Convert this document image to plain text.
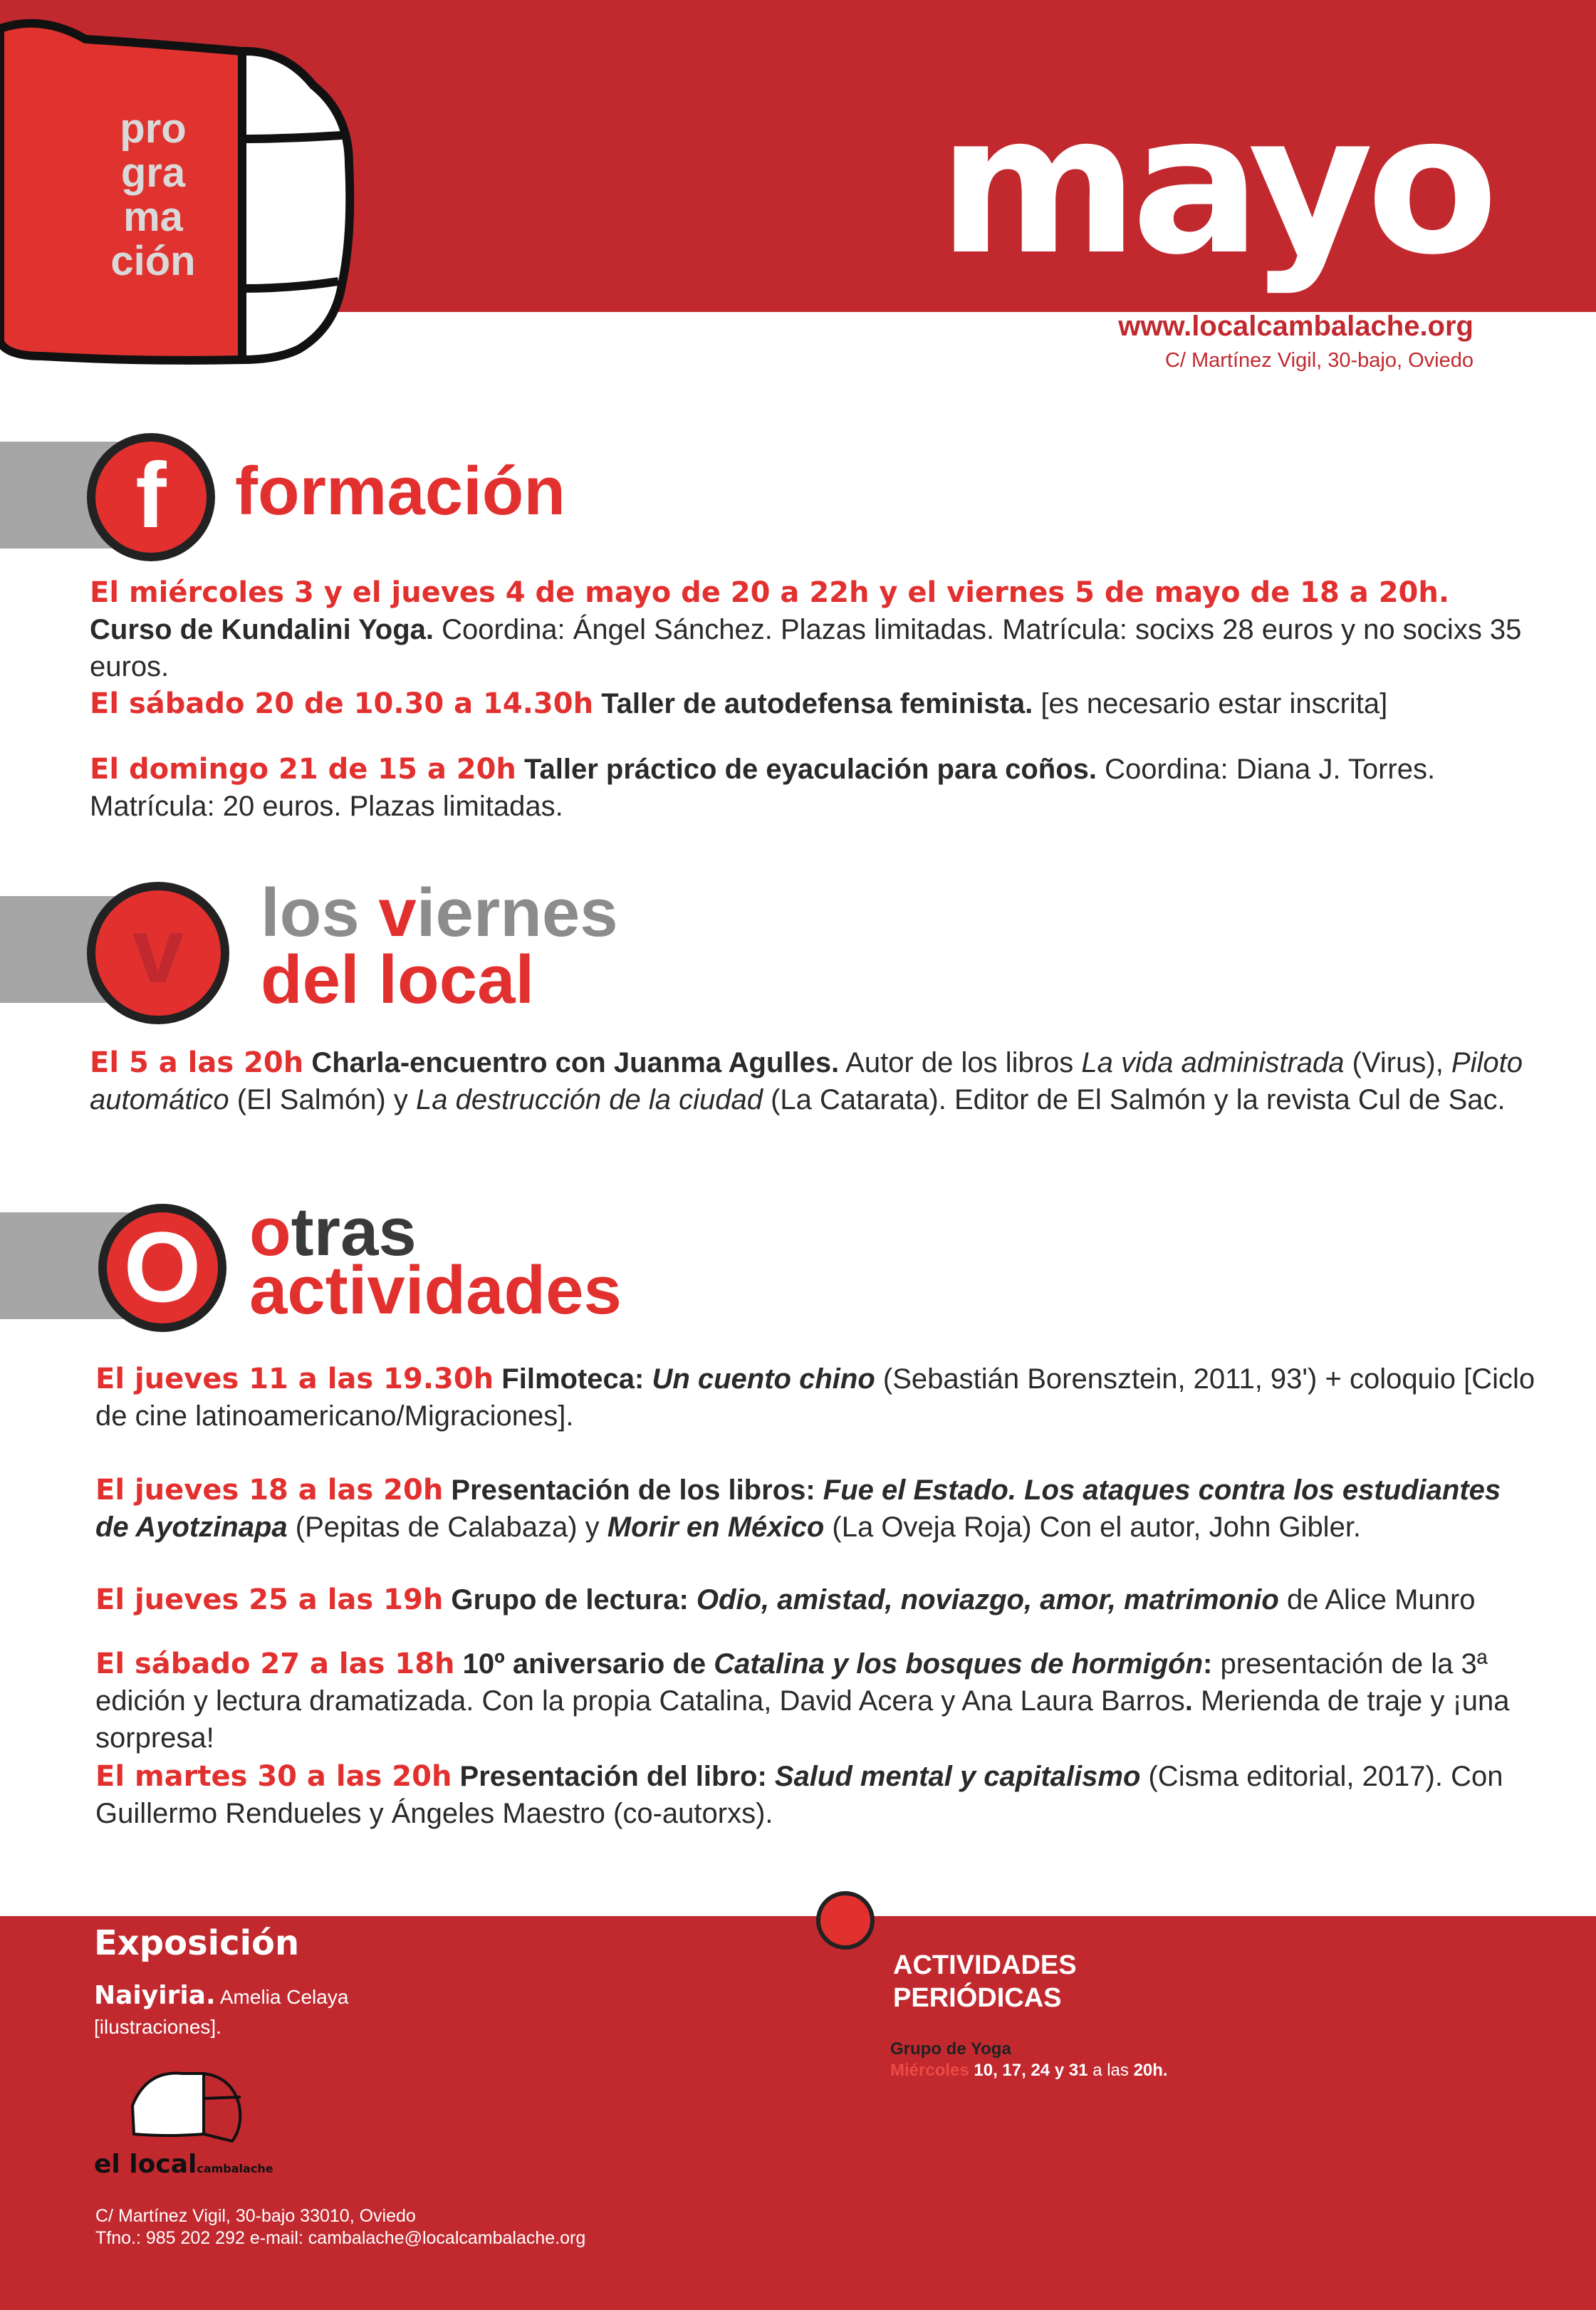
pro
gra
ma
ción	mayo
www.localcambalache.org
C/ Martínez Vigil, 30-bajo, Oviedo
f	formación
El miércoles 3 y el jueves 4 de mayo de 20 a 22h y el viernes 5 de mayo de 18 a 20h.
Curso de Kundalini Yoga. Coordina: Ángel Sánchez. Plazas limitadas. Matrícula: socixs 28 euros y no socixs 35 euros.
El sábado 20 de 10.30 a 14.30h Taller de autodefensa feminista. [es necesario estar inscrita]
El domingo 21 de 15 a 20h Taller práctico de eyaculación para coños. Coordina: Diana J. Torres. Matrícula: 20 euros. Plazas limitadas.
v	los viernes
del local
El 5 a las 20h Charla-encuentro con Juanma Agulles. Autor de los libros La vida administrada (Virus), Piloto automático (El Salmón) y La destrucción de la ciudad (La Catarata). Editor de El Salmón y la revista Cul de Sac.
O otras
actividades
El jueves 11 a las 19.30h Filmoteca: Un cuento chino (Sebastián Borensztein, 2011, 93') + coloquio [Ciclo de cine latinoamericano/Migraciones].
El jueves 18 a las 20h Presentación de los libros: Fue el Estado. Los ataques contra los estudiantes de Ayotzinapa (Pepitas de Calabaza) y Morir en México (La Oveja Roja) Con el autor, John Gibler.
El jueves 25 a las 19h Grupo de lectura: Odio, amistad, noviazgo, amor, matrimonio de Alice Munro
El sábado 27 a las 18h 10º aniversario de Catalina y los bosques de hormigón: presentación de la 3ª edición y lectura dramatizada. Con la propia Catalina, David Acera y Ana Laura Barros. Merienda de traje y ¡una sorpresa!
El martes 30 a las 20h Presentación del libro: Salud mental y capitalismo (Cisma editorial, 2017). Con Guillermo Rendueles y Ángeles Maestro (co-autorxs).
Exposición
Naiyiria. Amelia Celaya
[ilustraciones].
el localcambalache
C/ Martínez Vigil, 30-bajo 33010, Oviedo
Tfno.: 985 202 292 e-mail: cambalache@localcambalache.org
ACTIVIDADES
PERIÓDICAS
Grupo de Yoga
Miércoles 10, 17, 24 y 31 a las 20h.
